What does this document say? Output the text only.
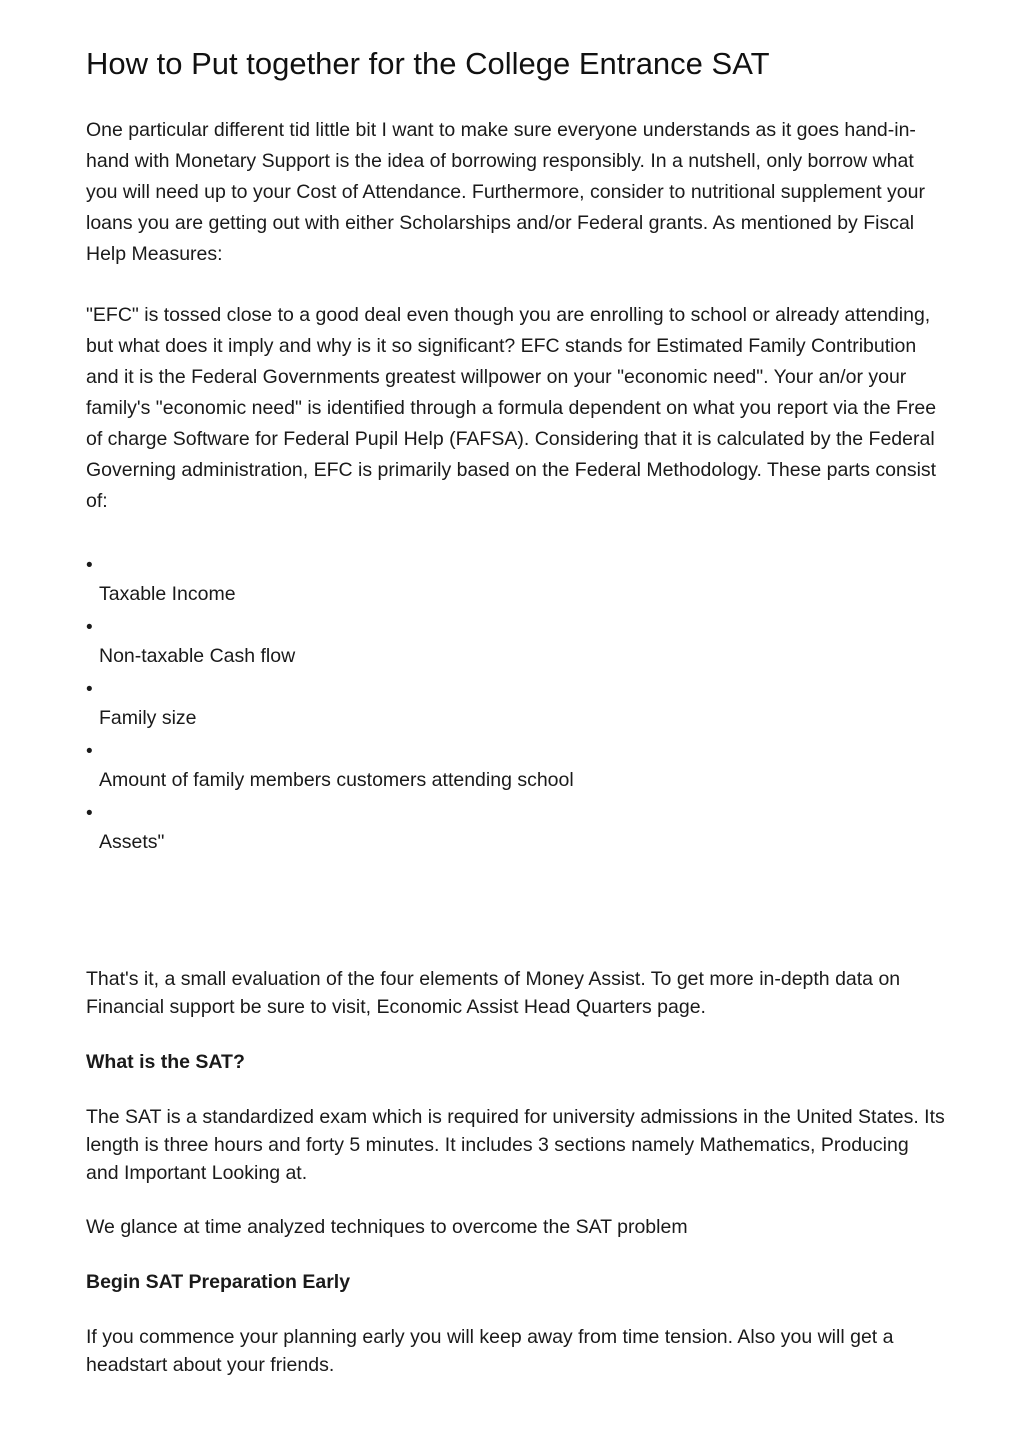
How to Put together for the College Entrance SAT

One particular different tid little bit I want to make sure everyone understands as it goes hand-in-hand with Monetary Support is the idea of borrowing responsibly. In a nutshell, only borrow what you will need up to your Cost of Attendance. Furthermore, consider to nutritional supplement your loans you are getting out with either Scholarships and/or Federal grants. As mentioned by Fiscal Help Measures:

"EFC" is tossed close to a good deal even though you are enrolling to school or already attending, but what does it imply and why is it so significant? EFC stands for Estimated Family Contribution and it is the Federal Governments greatest willpower on your "economic need". Your an/or your family's "economic need" is identified through a formula dependent on what you report via the Free of charge Software for Federal Pupil Help (FAFSA). Considering that it is calculated by the Federal Governing administration, EFC is primarily based on the Federal Methodology. These parts consist of:

•
Taxable Income
•
Non-taxable Cash flow
•
Family size
•
Amount of family members customers attending school
•
Assets"

That's it, a small evaluation of the four elements of Money Assist. To get more in-depth data on Financial support be sure to visit, Economic Assist Head Quarters page.

What is the SAT?

The SAT is a standardized exam which is required for university admissions in the United States. Its length is three hours and forty 5 minutes. It includes 3 sections namely Mathematics, Producing and Important Looking at.

We glance at time analyzed techniques to overcome the SAT problem

Begin SAT Preparation Early

If you commence your planning early you will keep away from time tension. Also you will get a headstart about your friends.
